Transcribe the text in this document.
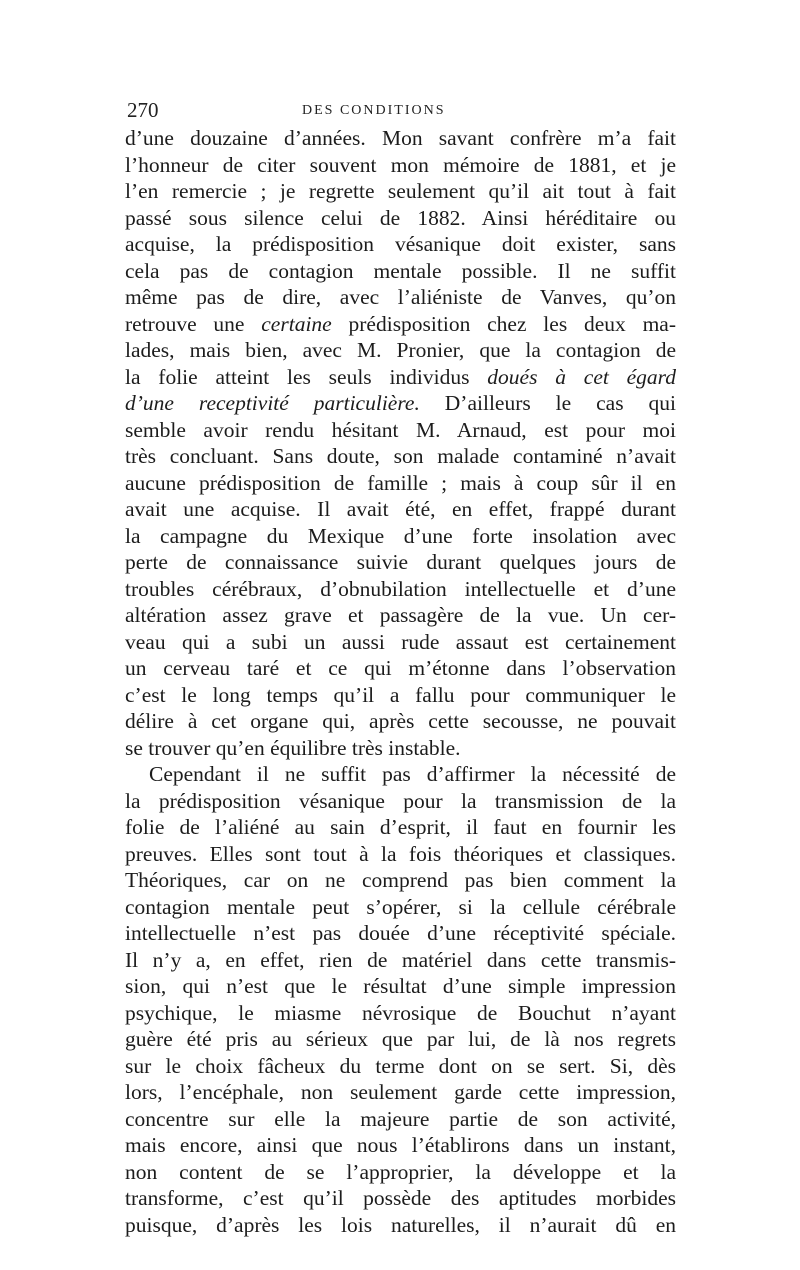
270	DES CONDITIONS
d’une douzaine d’années. Mon savant confrère m’a fait
l’honneur de citer souvent mon mémoire de 1881, et je
l’en remercie ; je regrette seulement qu’il ait tout à fait
passé sous silence celui de 1882. Ainsi héréditaire ou
acquise, la prédisposition vésanique doit exister, sans
cela pas de contagion mentale possible. Il ne suffit
même pas de dire, avec l’aliéniste de Vanves, qu’on
retrouve une certaine prédisposition chez les deux ma-
lades, mais bien, avec M. Pronier, que la contagion de
la folie atteint les seuls individus doués à cet égard
d’une receptivité particulière. D’ailleurs le cas qui
semble avoir rendu hésitant M. Arnaud, est pour moi
très concluant. Sans doute, son malade contaminé n’avait
aucune prédisposition de famille ; mais à coup sûr il en
avait une acquise. Il avait été, en effet, frappé durant
la campagne du Mexique d’une forte insolation avec
perte de connaissance suivie durant quelques jours de
troubles cérébraux, d’obnubilation intellectuelle et d’une
altération assez grave et passagère de la vue. Un cer-
veau qui a subi un aussi rude assaut est certainement
un cerveau taré et ce qui m’étonne dans l’observation
c’est le long temps qu’il a fallu pour communiquer le
délire à cet organe qui, après cette secousse, ne pouvait
se trouver qu’en équilibre très instable.
Cependant il ne suffit pas d’affirmer la nécessité de
la prédisposition vésanique pour la transmission de la
folie de l’aliéné au sain d’esprit, il faut en fournir les
preuves. Elles sont tout à la fois théoriques et classiques.
Théoriques, car on ne comprend pas bien comment la
contagion mentale peut s’opérer, si la cellule cérébrale
intellectuelle n’est pas douée d’une réceptivité spéciale.
Il n’y a, en effet, rien de matériel dans cette transmis-
sion, qui n’est que le résultat d’une simple impression
psychique, le miasme névrosique de Bouchut n’ayant
guère été pris au sérieux que par lui, de là nos regrets
sur le choix fâcheux du terme dont on se sert. Si, dès
lors, l’encéphale, non seulement garde cette impression,
concentre sur elle la majeure partie de son activité,
mais encore, ainsi que nous l’établirons dans un instant,
non content de se l’approprier, la développe et la
transforme, c’est qu’il possède des aptitudes morbides
puisque, d’après les lois naturelles, il n’aurait dû en
